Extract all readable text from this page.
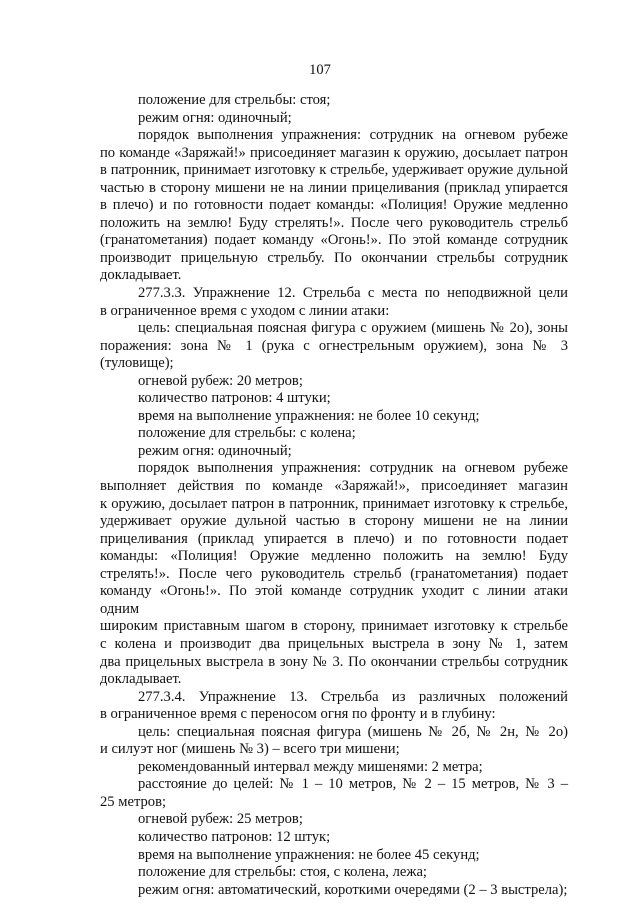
107
положение для стрельбы: стоя;
режим огня: одиночный;
порядок выполнения упражнения: сотрудник на огневом рубеже
по команде «Заряжай!» присоединяет магазин к оружию, досылает патрон
в патронник, принимает изготовку к стрельбе, удерживает оружие дульной
частью в сторону мишени не на линии прицеливания (приклад упирается
в плечо) и по готовности подает команды: «Полиция! Оружие медленно
положить на землю! Буду стрелять!». После чего руководитель стрельб
(гранатометания) подает команду «Огонь!». По этой команде сотрудник
производит прицельную стрельбу. По окончании стрельбы сотрудник
докладывает.
277.3.3. Упражнение 12. Стрельба с места по неподвижной цели
в ограниченное время с уходом с линии атаки:
цель: специальная поясная фигура с оружием (мишень № 2о), зоны
поражения: зона № 1 (рука с огнестрельным оружием), зона № 3
(туловище);
огневой рубеж: 20 метров;
количество патронов: 4 штуки;
время на выполнение упражнения: не более 10 секунд;
положение для стрельбы: с колена;
режим огня: одиночный;
порядок выполнения упражнения: сотрудник на огневом рубеже
выполняет действия по команде «Заряжай!», присоединяет магазин
к оружию, досылает патрон в патронник, принимает изготовку к стрельбе,
удерживает оружие дульной частью в сторону мишени не на линии
прицеливания (приклад упирается в плечо) и по готовности подает
команды: «Полиция! Оружие медленно положить на землю! Буду
стрелять!». После чего руководитель стрельб (гранатометания) подает
команду «Огонь!». По этой команде сотрудник уходит с линии атаки одним
широким приставным шагом в сторону, принимает изготовку к стрельбе
с колена и производит два прицельных выстрела в зону № 1, затем
два прицельных выстрела в зону № 3. По окончании стрельбы сотрудник
докладывает.
277.3.4. Упражнение 13. Стрельба из различных положений
в ограниченное время с переносом огня по фронту и в глубину:
цель: специальная поясная фигура (мишень № 2б, № 2н, № 2о)
и силуэт ног (мишень № 3) – всего три мишени;
рекомендованный интервал между мишенями: 2 метра;
расстояние до целей: № 1 – 10 метров, № 2 – 15 метров, № 3 –
25 метров;
огневой рубеж: 25 метров;
количество патронов: 12 штук;
время на выполнение упражнения: не более 45 секунд;
положение для стрельбы: стоя, с колена, лежа;
режим огня: автоматический, короткими очередями (2 – 3 выстрела);
